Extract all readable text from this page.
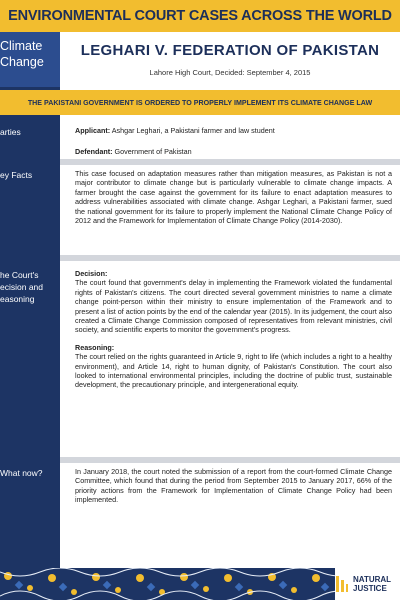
ENVIRONMENTAL COURT CASES ACROSS THE WORLD
Climate
Change
LEGHARI V. FEDERATION OF PAKISTAN
Lahore High Court, Decided: September 4, 2015
THE PAKISTANI GOVERNMENT IS ORDERED TO PROPERLY IMPLEMENT ITS CLIMATE CHANGE LAW
arties	Applicant: Ashgar Leghari, a Pakistani farmer and law student

Defendant: Government of Pakistan

ey Facts	This case focused on adaptation measures rather than mitigation measures, as Pakistan is not a major contributor to climate change but is particularly vulnerable to climate change impacts. A farmer brought the case against the government for its failure to enact adaptation measures to address vulnerabilities associated with climate change. Ashgar Leghari, a Pakistani farmer, sued the national government for its failure to properly implement the National Climate Change Policy of 2012 and the Framework for Implementation of Climate Change Policy (2014-2030).

he Court's
ecision and
easoning

Decision:

The court found that government's delay in implementing the Framework violated the fundamental rights of Pakistan's citizens. The court directed several government ministries to name a climate change point-person within their ministry to ensure implementation of the Framework and to present a list of action points by the end of the calendar year (2015). In its judgement, the court also created a Climate Change Commission composed of representatives from relevant ministries, civil society, and scientific experts to monitor the government's progress.

Reasoning:

The court relied on the rights guaranteed in Article 9, right to life (which includes a right to a healthy environment), and Article 14, right to human dignity, of Pakistan's Constitution. The court also looked to international environmental principles, including the doctrine of public trust, sustainable development, the precautionary principle, and intergenerational equity.

What now?	In January 2018, the court noted the submission of a report from the court-formed Climate Change Committee, which found that during the period from September 2015 to January 2017, 66% of the priority actions from the Framework for Implementation of Climate Change Policy had been implemented.

NATURAL
JUSTICE
